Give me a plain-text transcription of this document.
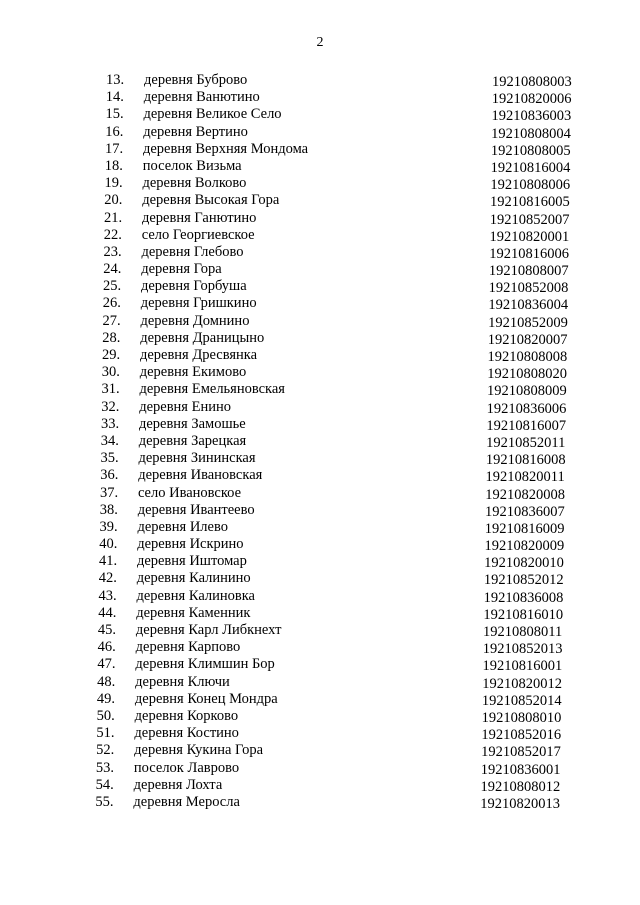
2
13. деревня Буброво	19210808003
14. деревня Ванютино	19210820006
15. деревня Великое Село	19210836003
16. деревня Вертино	19210808004
17. деревня Верхняя Мондома	19210808005
18. поселок Визьма	19210816004
19. деревня Волково	19210808006
20. деревня Высокая Гора	19210816005
21. деревня Ганютино	19210852007
22. село Георгиевское	19210820001
23. деревня Глебово	19210816006
24. деревня Гора	19210808007
25. деревня Горбуша	19210852008
26. деревня Гришкино	19210836004
27. деревня Домнино	19210852009
28. деревня Драницыно	19210820007
29. деревня Дресвянка	19210808008
30. деревня Екимово	19210808020
31. деревня Емельяновская	19210808009
32. деревня Енино	19210836006
33. деревня Замошье	19210816007
34. деревня Зарецкая	19210852011
35. деревня Зининская	19210816008
36. деревня Ивановская	19210820011
37. село Ивановское	19210820008
38. деревня Ивантеево	19210836007
39. деревня Илево	19210816009
40. деревня Искрино	19210820009
41. деревня Иштомар	19210820010
42. деревня Калинино	19210852012
43. деревня Калиновка	19210836008
44. деревня Каменник	19210816010
45. деревня Карл Либкнехт	19210808011
46. деревня Карпово	19210852013
47. деревня Климшин Бор	19210816001
48. деревня Ключи	19210820012
49. деревня Конец Мондра	19210852014
50. деревня Корково	19210808010
51. деревня Костино	19210852016
52. деревня Кукина Гора	19210852017
53. поселок Лаврово	19210836001
54. деревня Лохта	19210808012
55. деревня Меросла	19210820013
